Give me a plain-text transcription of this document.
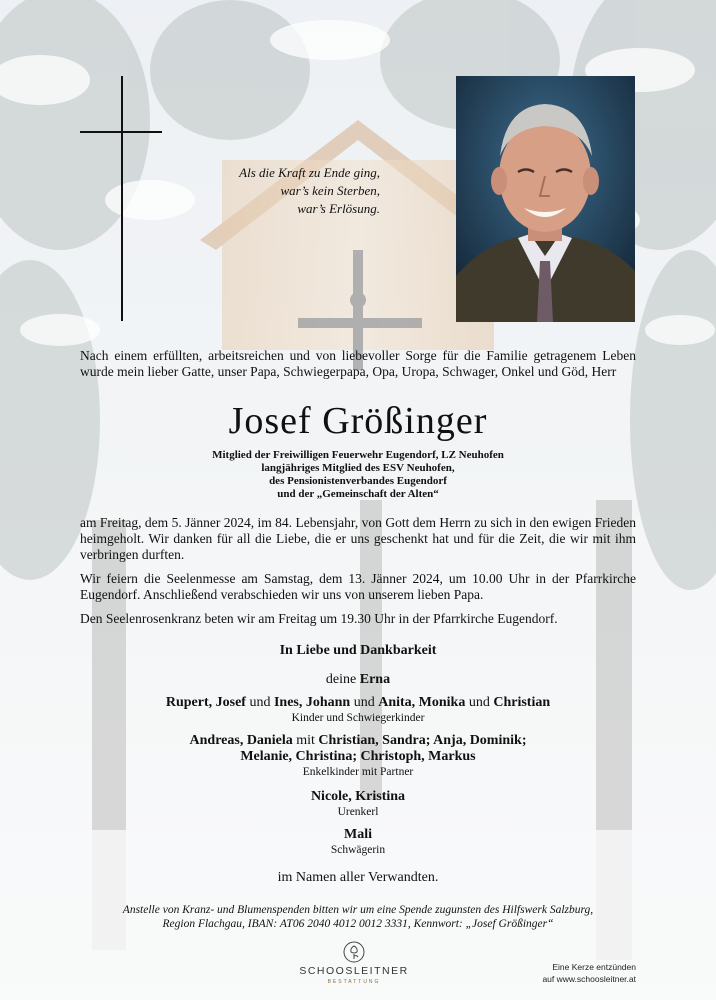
Als die Kraft zu Ende ging,
war’s kein Sterben,
war’s Erlösung.
Nach einem erfüllten, arbeitsreichen und von liebevoller Sorge für die Familie getragenem Leben wurde mein lieber Gatte, unser Papa, Schwiegerpapa, Opa, Uropa, Schwager, Onkel und Göd, Herr
Josef Größinger
Mitglied der Freiwilligen Feuerwehr Eugendorf, LZ Neuhofen
langjähriges Mitglied des ESV Neuhofen,
des Pensionistenverbandes Eugendorf
und der „Gemeinschaft der Alten“
am Freitag, dem 5. Jänner 2024, im 84. Lebensjahr, von Gott dem Herrn zu sich in den ewigen Frieden heimgeholt. Wir danken für all die Liebe, die er uns geschenkt hat und für die Zeit, die wir mit ihm verbringen durften.
Wir feiern die Seelenmesse am Samstag, dem 13. Jänner 2024, um 10.00 Uhr in der Pfarrkirche Eugendorf. Anschließend verabschieden wir uns von unserem lieben Papa.
Den Seelenrosenkranz beten wir am Freitag um 19.30 Uhr in der Pfarrkirche Eugendorf.
In Liebe und Dankbarkeit
deine Erna
Rupert, Josef und Ines, Johann und Anita, Monika und Christian
Kinder und Schwiegerkinder
Andreas, Daniela mit Christian, Sandra; Anja, Dominik;
Melanie, Christina; Christoph, Markus
Enkelkinder mit Partner
Nicole, Kristina
Urenkerl
Mali
Schwägerin
im Namen aller Verwandten.
Anstelle von Kranz- und Blumenspenden bitten wir um eine Spende zugunsten des Hilfswerk Salzburg,
Region Flachgau, IBAN: AT06 2040 4012 0012 3331, Kennwort: „Josef Größinger“
SCHOOSLEITNER
BESTATTUNG
Eine Kerze entzünden
auf www.schoosleitner.at
